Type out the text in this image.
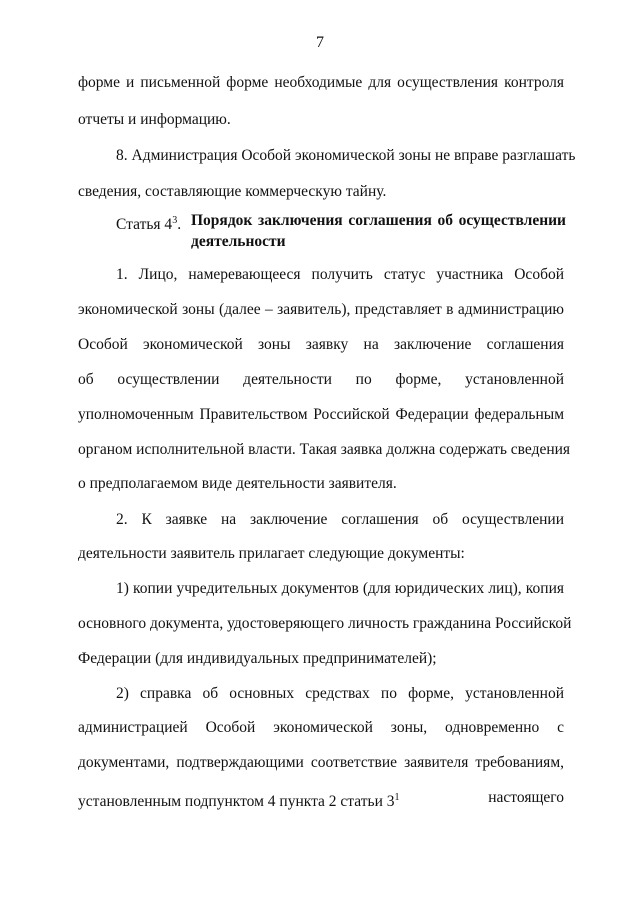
7
форме и письменной форме необходимые для осуществления контроля
отчеты и информацию.
8. Администрация Особой экономической зоны не вправе разглашать
сведения, составляющие коммерческую тайну.
Статья $4^3$. Порядок заключения соглашения об осуществлении деятельности
1. Лицо, намеревающееся получить статус участника Особой
экономической зоны (далее – заявитель), представляет в администрацию
Особой экономической зоны заявку на заключение соглашения
об осуществлении деятельности по форме, установленной
уполномоченным Правительством Российской Федерации федеральным
органом исполнительной власти. Такая заявка должна содержать сведения
о предполагаемом виде деятельности заявителя.
2. К заявке на заключение соглашения об осуществлении
деятельности заявитель прилагает следующие документы:
1) копии учредительных документов (для юридических лиц), копия
основного документа, удостоверяющего личность гражданина Российской
Федерации (для индивидуальных предпринимателей);
2) справка об основных средствах по форме, установленной
администрацией Особой экономической зоны, одновременно с
документами, подтверждающими соответствие заявителя требованиям,
установленным подпунктом 4 пункта 2 статьи $3^1$	настоящего
